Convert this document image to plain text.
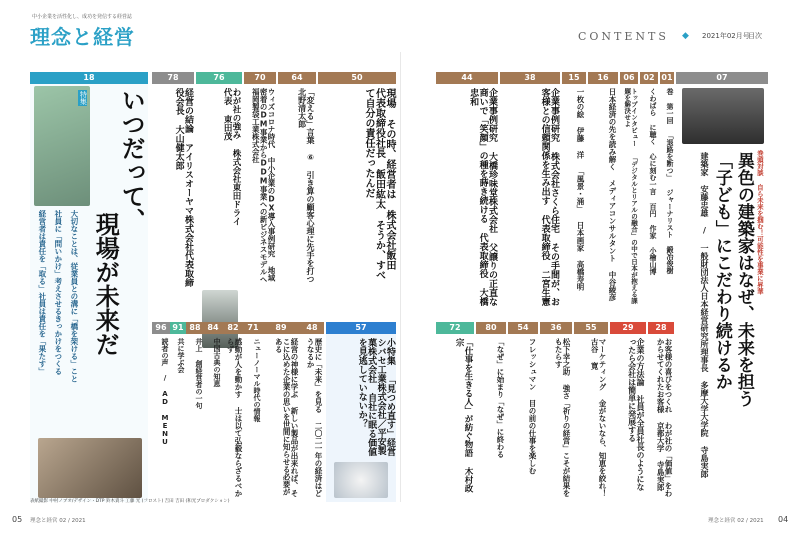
中小企業を活性化し、成功を発信する経営誌
理念と経営	CONTENTS ◆ 2021年02月号
目次
18
特集 いつだって、
現場が未来だ
大切なことは、従業員との溝に「橋を架ける」こと
社員に「問いかけ」考えさせるきっかけをつくる
経営者は責任を「取る」社員は責任を「果たす」
78
経営の結論 アイリスオーヤマ株式会社代表取締役会長 大山健太郎
76
わが社の強み 株式会社東田ドライ 代表 東田茂
70
ウィズコロナ時代 中小企業のDX導入事例研究 地域密着のDM事業からDDM事業への新ビジネスモデルへ 福岡製袋工業株式会社
64
「変える」言葉 ⑥ 引き算の顧客心理に先手を打つ 北野清太郎
50
現場 その時、経営者は 株式会社飯田 代表取締役社長 飯田紘太 そうか、すべて自分の責任だったんだ
96
読者の声 / AD MENU
91
共に学ぶ会
88
井上 創経営者の一句
84
中国古典の知恵
82
感動が人を動かす 士は以て弘毅ならざるべからず
71
ニューノーマル時代の情報
89
経営の神様に学ぶ 新しい製品が出来れば、そこに込めた企業の思いを世間に知らせる必要がある
48
歴史に「未来」を見る 二〇二一年の経済はどうなるか
57
小特集 「見つめ直す」経営 シバセ工業株式会社／平安製菓株式会社 自社に眠る価値を見逃していないか？
07
巻頭対談 自ら未来を掴む！可能性を事業に昇華
異色の建築家はなぜ、未来を担う
「子ども」にこだわり続けるか
建築家 安藤忠雄 / 一般財団法人日本経営研究所理事長 多摩大学大学院 寺島実郎
01
巻 第一回 「退路を断つ」 ジャーナリスト 鍛冶俊樹
02
くわばら に聴く 心に刻む一言 百円 作家 小檜山博
06
トップインタビュー 「デジタルとリアルの融合」の中で日本が抱える課題を解決せよ
16
日本経済の先を読み解く メディアコンサルタント 中谷綾彦
15
一枚の絵 伊藤 洋 「風景・涌」 日本画家 高橋寿明
38
企業事例研究 株式会社さくら住宅 その手間が、お客様との信頼関係を生み出す 代表取締役 二宮生憲
44
企業事例研究 大橋珍味堂株式会社 父譲りの正直な商いで「笑顔」の種を蒔き続ける 代表取締役 大橋忠和
28
お客様の喜びをつくれ わが社の「価値」をわからせてくれたお客様 京都大学 寺島実郎
29
企業の方法論 社員が全員社長のようになったら会社は簡単に発展する
55
マーケティング 金がないなら、知恵を絞れ！ 古谷 寛
36
松下幸之助 強さ「祈りの経営」こそが結果をもたらす
54
フレッシュマン 目の前の仕事を楽しむ
80
「なぜ」に始まり「なぜ」に終わる
72
「仕事を生きる人」が紡ぐ物語 木村政宗
表紙撮影 中村ノブオ/デザイン・DTP 鈴木貴斗 工藤 光 (フロスト) 吉田 吉田 (和光プロダクション)
05 理念と経営 02 / 2021	理念と経営 02 / 2021 04
